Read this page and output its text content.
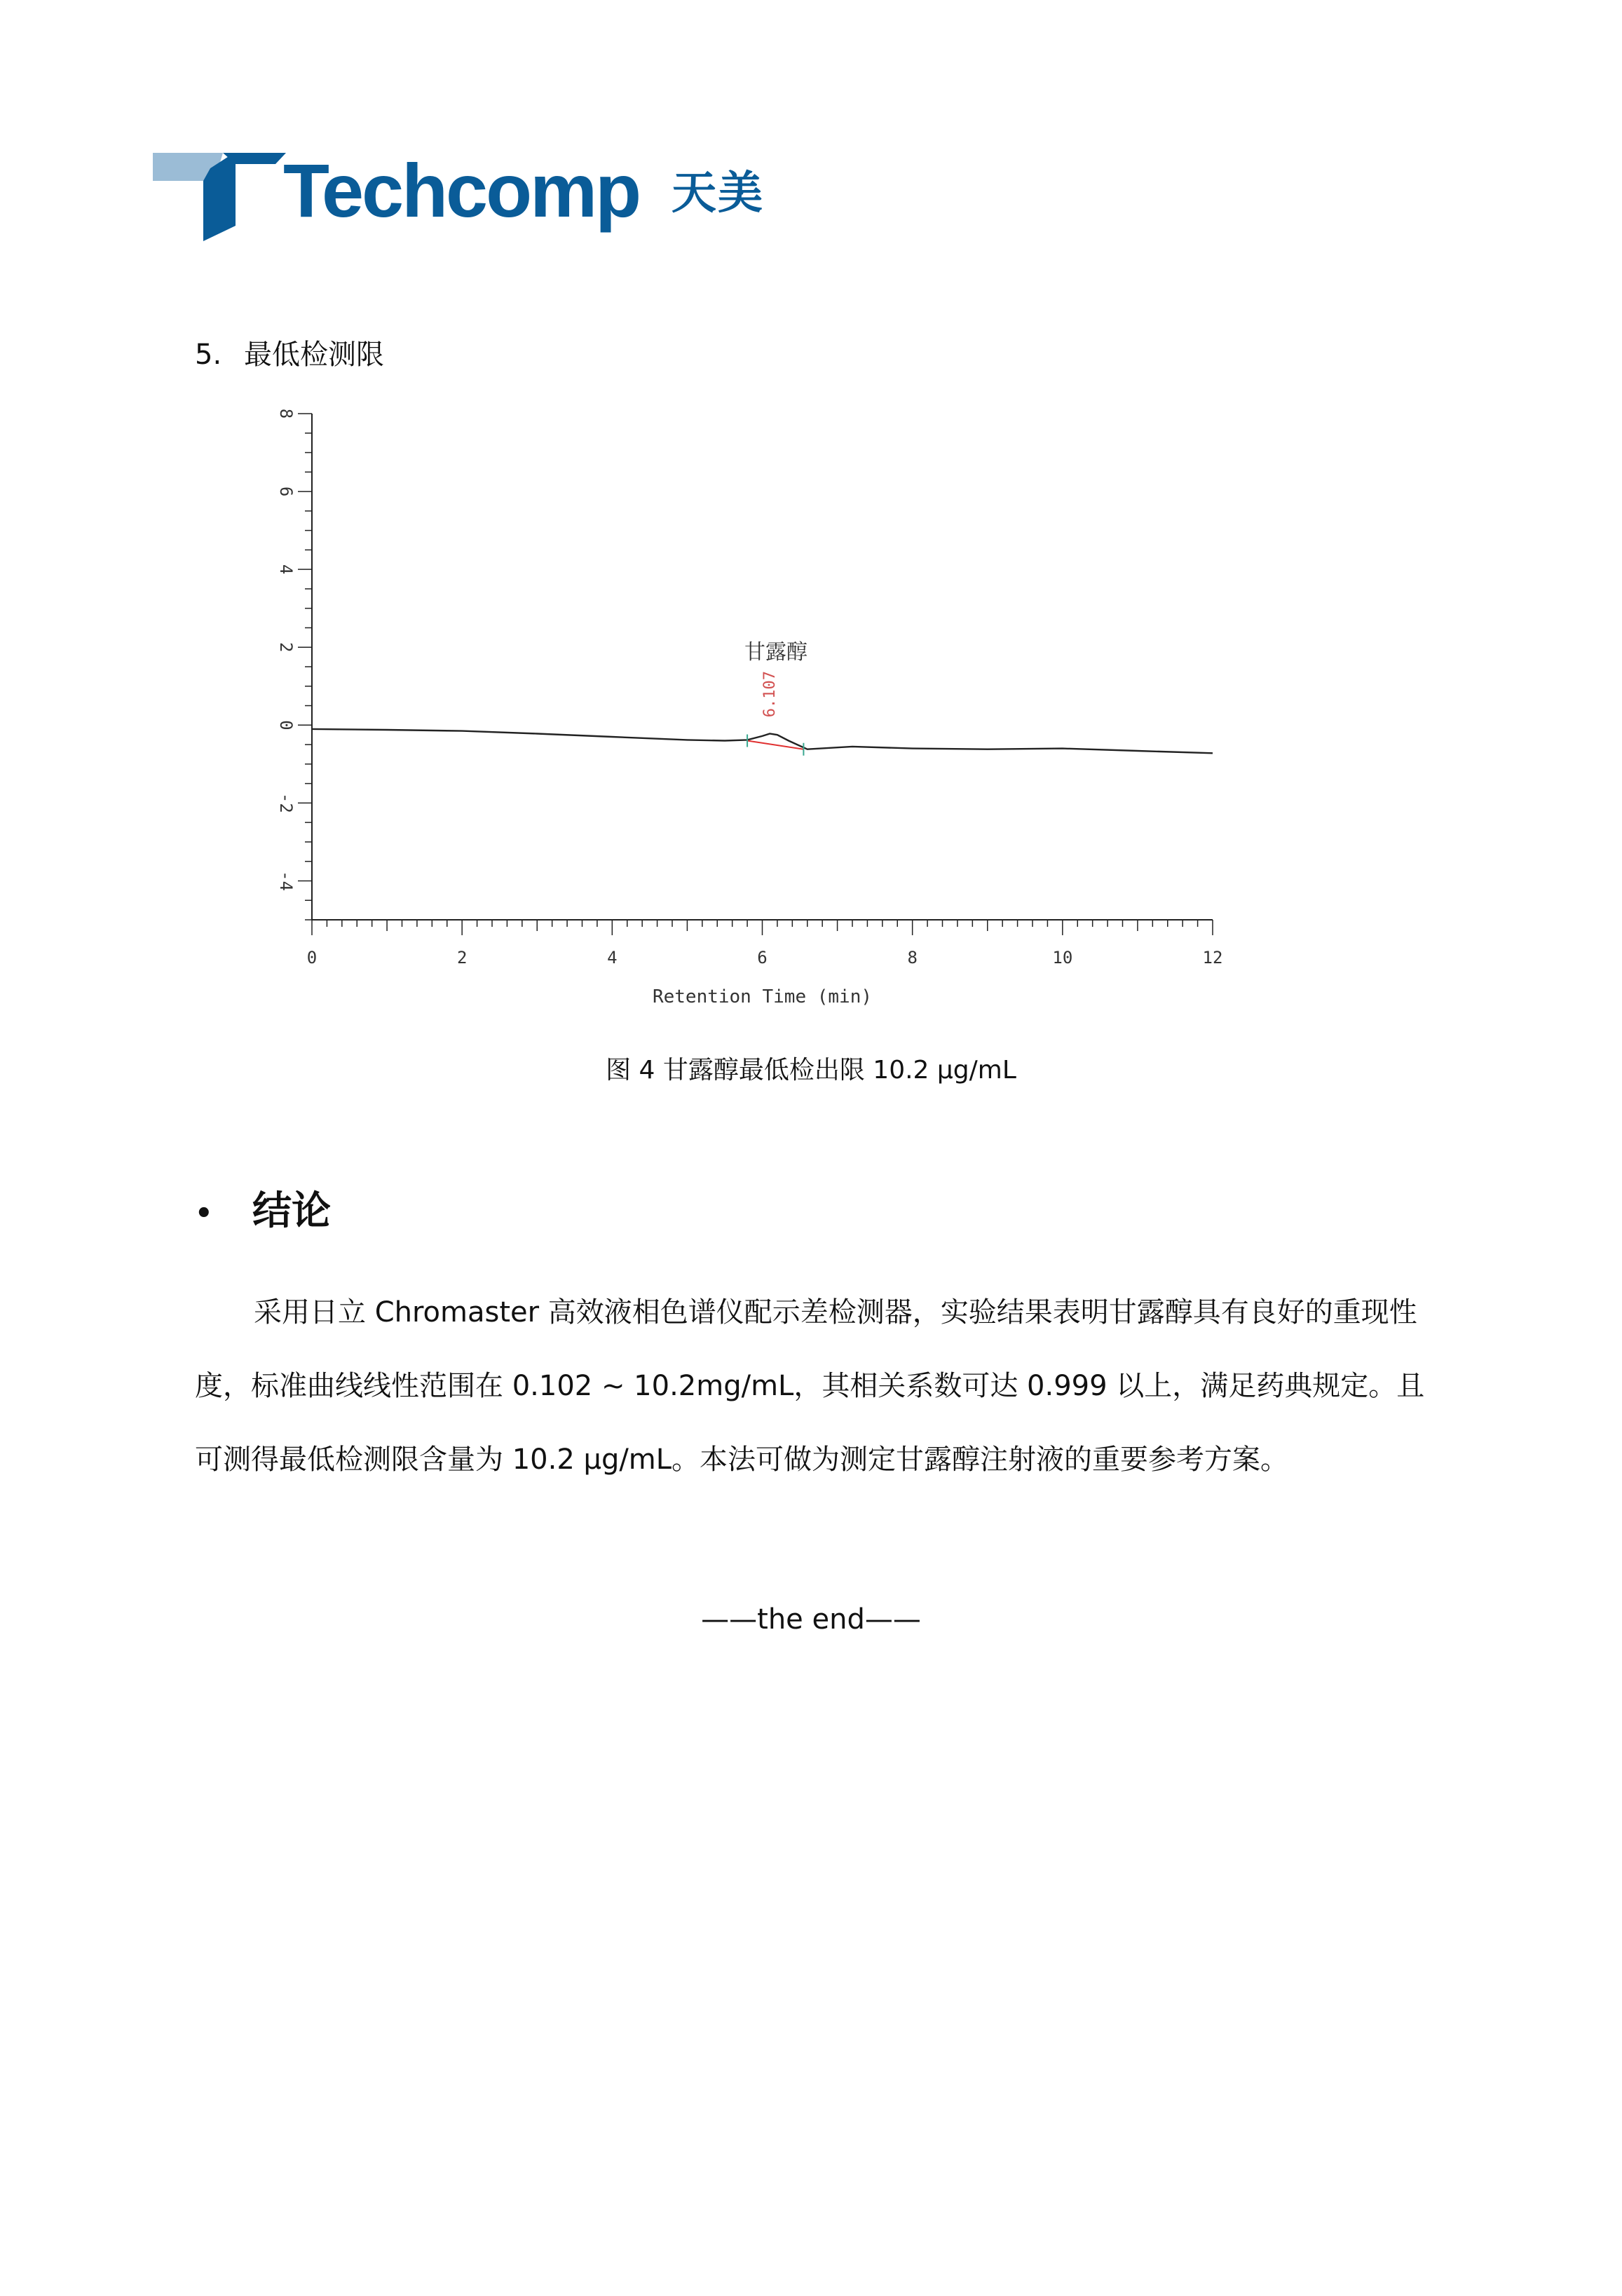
Techcomp 天美
5. 最低检测限
8
6
4
2
0
-2
-4
0	2	4	6	8	10	12
6.107
甘露醇
Retention Time (min)
图 4 甘露醇最低检出限 10.2 μg/mL
• 结论
采用日立 Chromaster 高效液相色谱仪配示差检测器，实验结果表明甘露醇具有良好的重现性
度，标准曲线线性范围在 0.102 ~ 10.2mg/mL，其相关系数可达 0.999 以上，满足药典规定。且
可测得最低检测限含量为 10.2 μg/mL。本法可做为测定甘露醇注射液的重要参考方案。
——the end——
